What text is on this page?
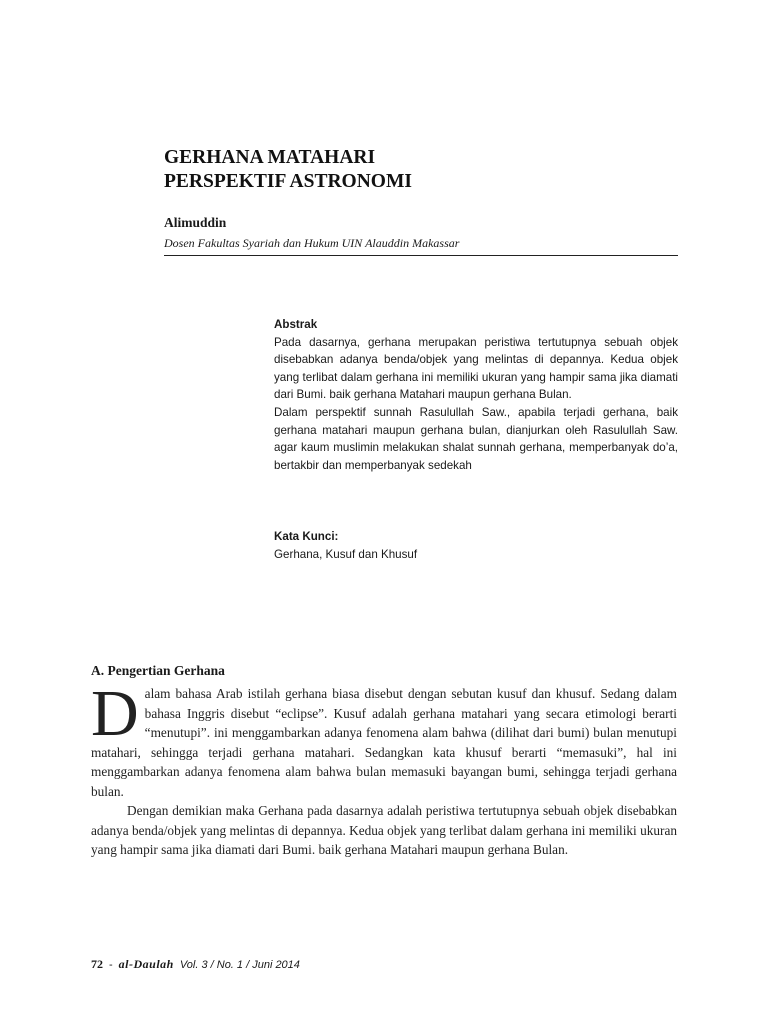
GERHANA MATAHARI
PERSPEKTIF ASTRONOMI

Alimuddin

Dosen Fakultas Syariah dan Hukum UIN Alauddin Makassar

Abstrak

Pada dasarnya, gerhana merupakan peristiwa tertutupnya sebuah objek disebabkan adanya benda/objek yang melintas di depannya. Kedua objek yang terlibat dalam gerhana ini memiliki ukuran yang hampir sama jika diamati dari Bumi. baik gerhana Matahari maupun gerhana Bulan.

Dalam perspektif sunnah Rasulullah Saw., apabila terjadi gerhana, baik gerhana matahari maupun gerhana bulan, dianjurkan oleh Rasulullah Saw. agar kaum muslimin melakukan shalat sunnah gerhana, memperbanyak do’a, bertakbir dan memperbanyak sedekah

Kata Kunci:
Gerhana, Kusuf dan Khusuf
A. Pengertian Gerhana

Dalam bahasa Arab istilah gerhana biasa disebut dengan sebutan kusuf dan khusuf. Sedang dalam bahasa Inggris disebut “eclipse”. Kusuf adalah gerhana matahari yang secara etimologi berarti “menutupi”. ini menggambarkan adanya fenomena alam bahwa (dilihat dari bumi) bulan menutupi matahari, sehingga terjadi gerhana matahari. Sedangkan kata khusuf berarti “memasuki”, hal ini menggambarkan adanya fenomena alam bahwa bulan memasuki bayangan bumi, sehingga terjadi gerhana bulan.

Dengan demikian maka Gerhana pada dasarnya adalah peristiwa tertutupnya sebuah objek disebabkan adanya benda/objek yang melintas di depannya. Kedua objek yang terlibat dalam gerhana ini memiliki ukuran yang hampir sama jika diamati dari Bumi. baik gerhana Matahari maupun gerhana Bulan.

72 - al-Daulah Vol. 3 / No. 1 / Juni 2014
